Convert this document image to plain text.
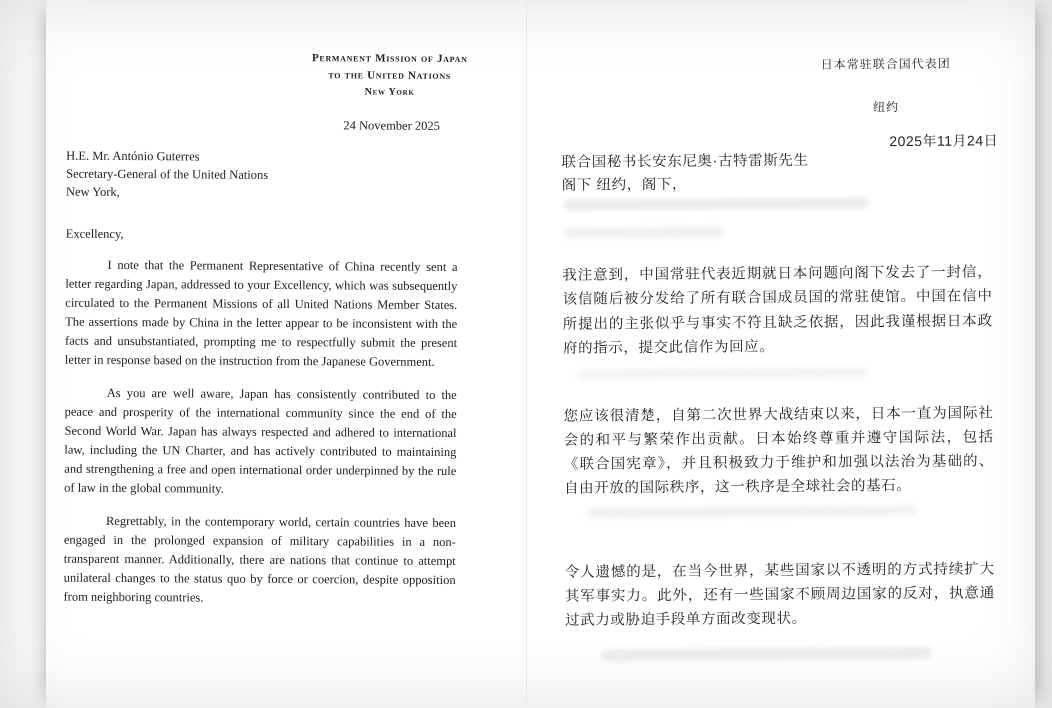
Permanent Mission of Japan
to the United Nations
New York
24 November 2025
H.E. Mr. António Guterres
Secretary-General of the United Nations
New York,
Excellency,

I note that the Permanent Representative of China recently sent a letter regarding Japan, addressed to your Excellency, which was subsequently circulated to the Permanent Missions of all United Nations Member States. The assertions made by China in the letter appear to be inconsistent with the facts and unsubstantiated, prompting me to respectfully submit the present letter in response based on the instruction from the Japanese Government.

As you are well aware, Japan has consistently contributed to the peace and prosperity of the international community since the end of the Second World War. Japan has always respected and adhered to international law, including the UN Charter, and has actively contributed to maintaining and strengthening a free and open international order underpinned by the rule of law in the global community.

Regrettably, in the contemporary world, certain countries have been engaged in the prolonged expansion of military capabilities in a non-transparent manner. Additionally, there are nations that continue to attempt unilateral changes to the status quo by force or coercion, despite opposition from neighboring countries.

日本常驻联合国代表团
纽约
2025年11月24日
联合国秘书长安东尼奥·古特雷斯先生
阁下 纽约，阁下，

我注意到，中国常驻代表近期就日本问题向阁下发去了一封信，该信随后被分发给了所有联合国成员国的常驻使馆。中国在信中所提出的主张似乎与事实不符且缺乏依据，因此我谨根据日本政府的指示，提交此信作为回应。

您应该很清楚，自第二次世界大战结束以来，日本一直为国际社会的和平与繁荣作出贡献。日本始终尊重并遵守国际法，包括《联合国宪章》，并且积极致力于维护和加强以法治为基础的、自由开放的国际秩序，这一秩序是全球社会的基石。

令人遗憾的是，在当今世界，某些国家以不透明的方式持续扩大其军事实力。此外，还有一些国家不顾周边国家的反对，执意通过武力或胁迫手段单方面改变现状。
